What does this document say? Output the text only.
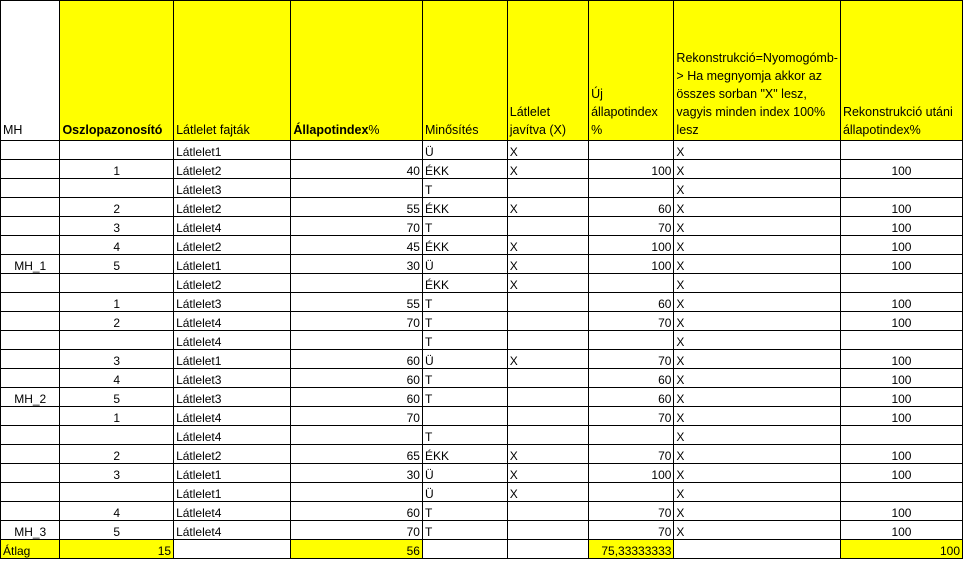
MH	Oszlopazonosító	Látlelet fajták	Állapotindex%	Minősítés	Látlelet javítva (X)	Új állapotindex %	Rekonstrukció=Nyomogómb-> Ha megnyomja akkor az összes sorban "X" lesz, vagyis minden index 100% lesz	Rekonstrukció utáni állapotindex%
		Látlelet1		Ü	X		X	
	1	Látlelet2	40	ÉKK	X	100	X	100
		Látlelet3		T			X	
	2	Látlelet2	55	ÉKK	X	60	X	100
	3	Látlelet4	70	T		70	X	100
	4	Látlelet2	45	ÉKK	X	100	X	100
MH_1	5	Látlelet1	30	Ü	X	100	X	100
		Látlelet2		ÉKK	X		X	
	1	Látlelet3	55	T		60	X	100
	2	Látlelet4	70	T		70	X	100
		Látlelet4		T			X	
	3	Látlelet1	60	Ü	X	70	X	100
	4	Látlelet3	60	T		60	X	100
MH_2	5	Látlelet3	60	T		60	X	100
	1	Látlelet4	70			70	X	100
		Látlelet4		T			X	
	2	Látlelet2	65	ÉKK	X	70	X	100
	3	Látlelet1	30	Ü	X	100	X	100
		Látlelet1		Ü	X		X	
	4	Látlelet4	60	T		70	X	100
MH_3	5	Látlelet4	70	T		70	X	100
Átlag	15		56			75,33333333		100
